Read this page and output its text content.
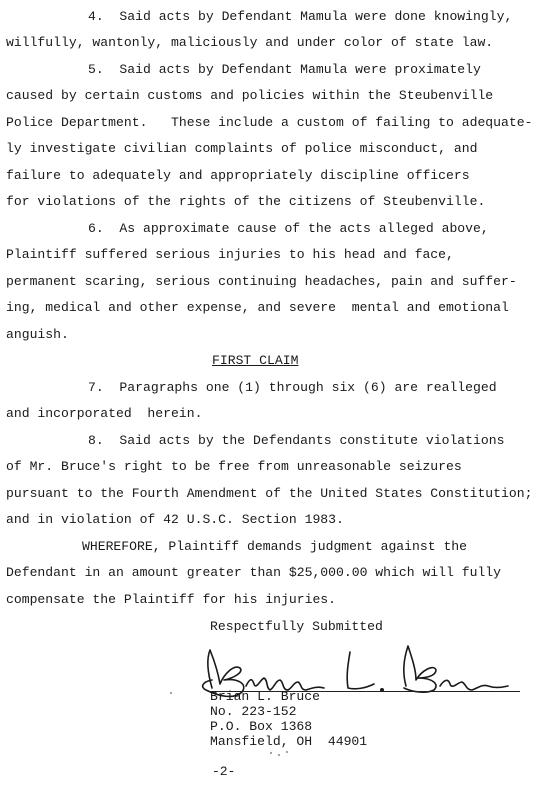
4.  Said acts by Defendant Mamula were done knowingly,
willfully, wantonly, maliciously and under color of state law.
5.  Said acts by Defendant Mamula were proximately
caused by certain customs and policies within the Steubenville
Police Department.   These include a custom of failing to adequate-
ly investigate civilian complaints of police misconduct, and
failure to adequately and appropriately discipline officers
for violations of the rights of the citizens of Steubenville.
6.  As approximate cause of the acts alleged above,
Plaintiff suffered serious injuries to his head and face,
permanent scaring, serious continuing headaches, pain and suffer-
ing, medical and other expense, and severe  mental and emotional
anguish.
FIRST CLAIM
7.  Paragraphs one (1) through six (6) are realleged
and incorporated  herein.
8.  Said acts by the Defendants constitute violations
of Mr. Bruce's right to be free from unreasonable seizures
pursuant to the Fourth Amendment of the United States Constitution;
and in violation of 42 U.S.C. Section 1983.
WHEREFORE, Plaintiff demands judgment against the
Defendant in an amount greater than $25,000.00 which will fully
compensate the Plaintiff for his injuries.
Respectfully Submitted
Brian L. Bruce
No. 223-152
P.O. Box 1368
Mansfield, OH  44901
-2-
